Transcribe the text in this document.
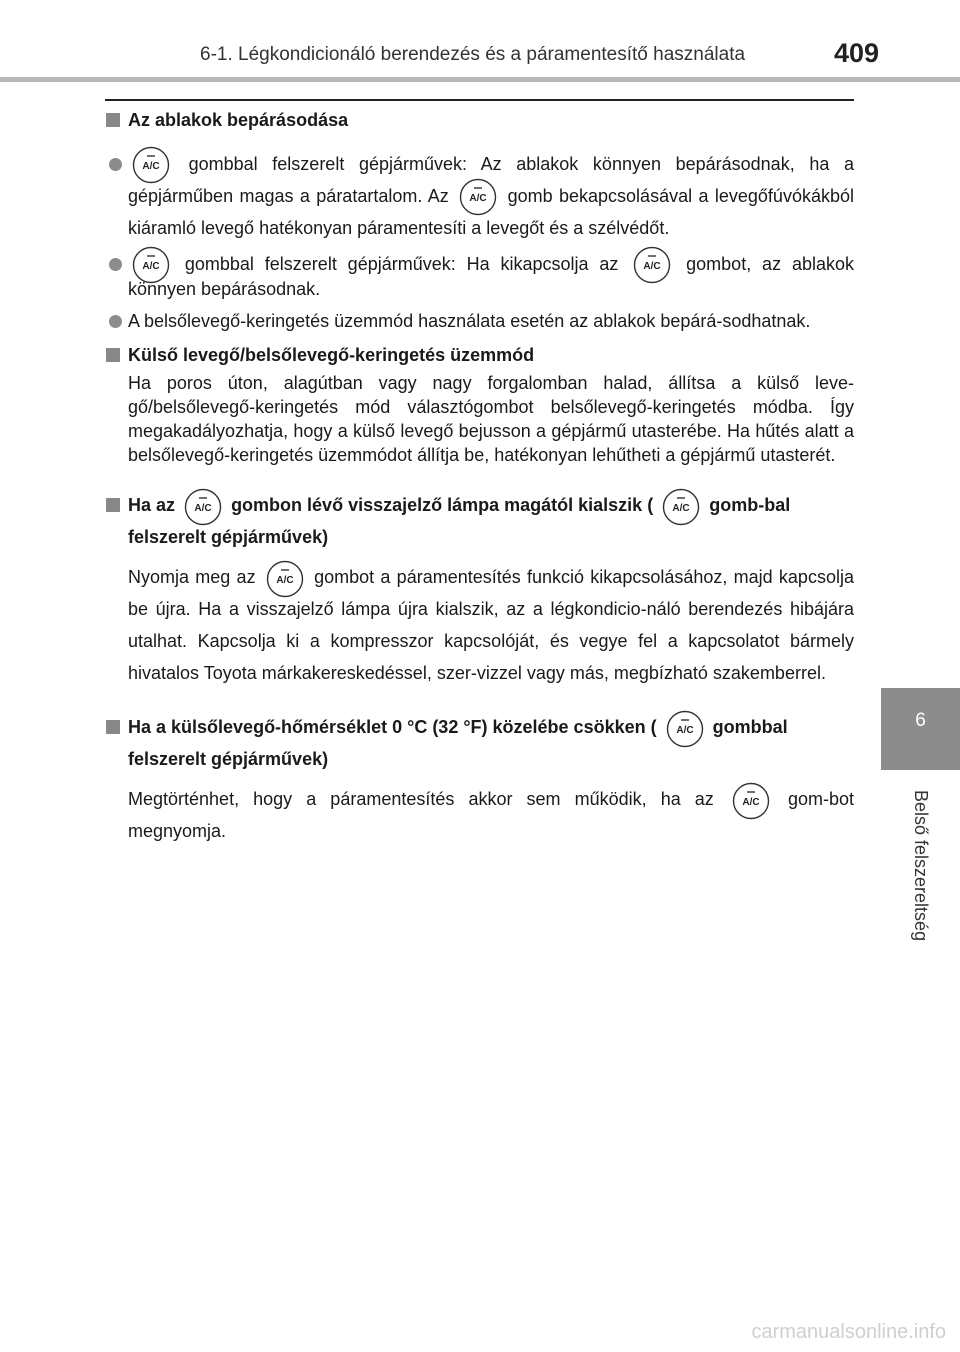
6-1. Légkondicionáló berendezés és a páramentesítő használata	409
6
Belső felszereltség
Az ablakok bepárásodása
A/C gombbal felszerelt gépjárművek: Az ablakok könnyen bepárásodnak, ha a gépjárműben magas a páratartalom. Az A/C gomb bekapcsolásával a levegőfúvókákból kiáramló levegő hatékonyan páramentesíti a levegőt és a szélvédőt.
A/C gombbal felszerelt gépjárművek: Ha kikapcsolja az	A/C gombot, az ablakok könnyen bepárásodnak.
A belsőlevegő-keringetés üzemmód használata esetén az ablakok bepárá-sodhatnak.
Külső levegő/belsőlevegő-keringetés üzemmód
Ha poros úton, alagútban vagy nagy forgalomban halad, állítsa a külső leve-gő/belsőlevegő-keringetés mód választógombot belsőlevegő-keringetés módba. Így megakadályozhatja, hogy a külső levegő bejusson a gépjármű utasterébe. Ha hűtés alatt a belsőlevegő-keringetés üzemmódot állítja be, hatékonyan lehűtheti a gépjármű utasterét.
Ha az A/C gombon lévő visszajelző lámpa magától kialszik ( A/C gomb-bal felszerelt gépjárművek)
Nyomja meg az A/C gombot a páramentesítés funkció kikapcsolásához, majd kapcsolja be újra. Ha a visszajelző lámpa újra kialszik, az a légkondicio-náló berendezés hibájára utalhat. Kapcsolja ki a kompresszor kapcsolóját, és vegye fel a kapcsolatot bármely hivatalos Toyota márkakereskedéssel, szer-vizzel vagy más, megbízható szakemberrel.
Ha a külsőlevegő-hőmérséklet 0 °C (32 °F) közelébe csökken ( A/C gombbal felszerelt gépjárművek)
Megtörténhet, hogy a páramentesítés akkor sem működik, ha az	A/C gom-bot megnyomja.
carmanualsonline.info
